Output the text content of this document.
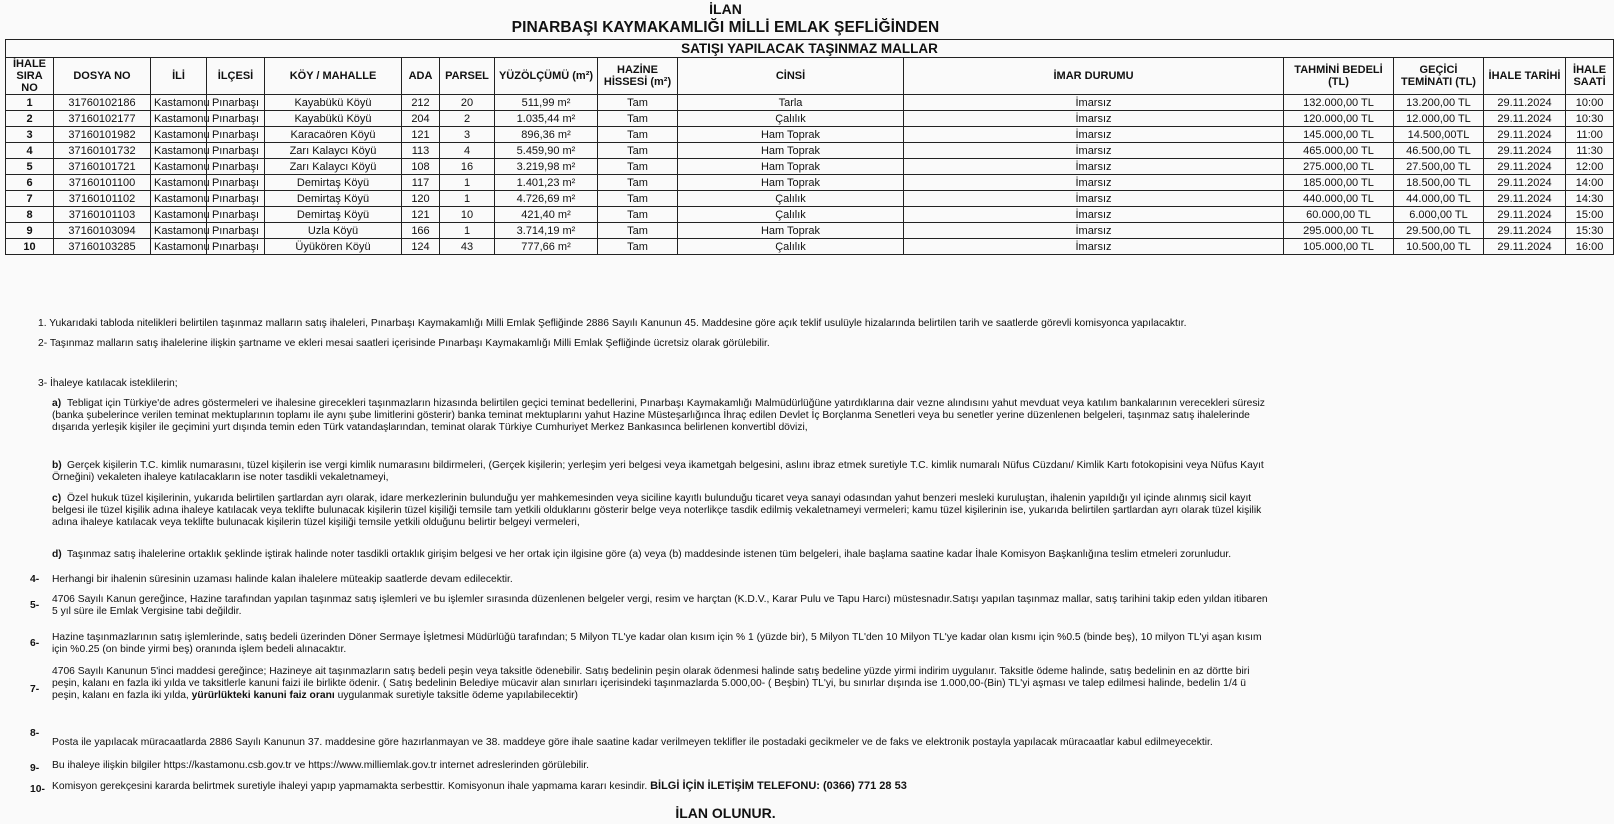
İLAN
PINARBAŞI KAYMAKAMLIĞI MİLLİ EMLAK ŞEFLİĞİNDEN
SATIŞI YAPILACAK TAŞINMAZ MALLAR														
İHALE SIRA NO	DOSYA NO	İLİ	İLÇESİ	KÖY / MAHALLE	ADA	PARSEL	YÜZÖLÇÜMÜ (m²)	HAZİNE HİSSESİ (m²)	CİNSİ	İMAR DURUMU	TAHMİNİ BEDELİ (TL)	GEÇİCİ TEMİNATI (TL)	İHALE TARİHİ	İHALE SAATİ
1	31760102186	Kastamonu	Pınarbaşı	Kayabükü Köyü	212	20	511,99 m²	Tam	Tarla	İmarsız	132.000,00 TL	13.200,00 TL	29.11.2024	10:00
2	37160102177	Kastamonu	Pınarbaşı	Kayabükü Köyü	204	2	1.035,44 m²	Tam	Çalılık	İmarsız	120.000,00 TL	12.000,00 TL	29.11.2024	10:30
3	37160101982	Kastamonu	Pınarbaşı	Karacaören Köyü	121	3	896,36 m²	Tam	Ham Toprak	İmarsız	145.000,00 TL	14.500,00TL	29.11.2024	11:00
4	37160101732	Kastamonu	Pınarbaşı	Zarı Kalaycı Köyü	113	4	5.459,90 m²	Tam	Ham Toprak	İmarsız	465.000,00 TL	46.500,00 TL	29.11.2024	11:30
5	37160101721	Kastamonu	Pınarbaşı	Zarı Kalaycı Köyü	108	16	3.219,98 m²	Tam	Ham Toprak	İmarsız	275.000,00 TL	27.500,00 TL	29.11.2024	12:00
6	37160101100	Kastamonu	Pınarbaşı	Demirtaş Köyü	117	1	1.401,23 m²	Tam	Ham Toprak	İmarsız	185.000,00 TL	18.500,00 TL	29.11.2024	14:00
7	37160101102	Kastamonu	Pınarbaşı	Demirtaş Köyü	120	1	4.726,69 m²	Tam	Çalılık	İmarsız	440.000,00 TL	44.000,00 TL	29.11.2024	14:30
8	37160101103	Kastamonu	Pınarbaşı	Demirtaş Köyü	121	10	421,40 m²	Tam	Çalılık	İmarsız	60.000,00 TL	6.000,00 TL	29.11.2024	15:00
9	37160103094	Kastamonu	Pınarbaşı	Uzla Köyü	166	1	3.714,19 m²	Tam	Ham Toprak	İmarsız	295.000,00 TL	29.500,00 TL	29.11.2024	15:30
10	37160103285	Kastamonu	Pınarbaşı	Üyükören Köyü	124	43	777,66 m²	Tam	Çalılık	İmarsız	105.000,00 TL	10.500,00 TL	29.11.2024	16:00
1. Yukarıdaki tabloda nitelikleri belirtilen taşınmaz malların satış ihaleleri, Pınarbaşı Kaymakamlığı Milli Emlak Şefliğinde 2886 Sayılı Kanunun 45. Maddesine göre açık teklif usulüyle hizalarında belirtilen tarih ve saatlerde görevli komisyonca yapılacaktır.
2- Taşınmaz malların satış ihalelerine ilişkin şartname ve ekleri mesai saatleri içerisinde Pınarbaşı Kaymakamlığı Milli Emlak Şefliğinde ücretsiz olarak görülebilir.
3- İhaleye katılacak isteklilerin;
a) Tebligat için Türkiye'de adres göstermeleri ve ihalesine girecekleri taşınmazların hizasında belirtilen geçici teminat bedellerini, Pınarbaşı Kaymakamlığı Malmüdürlüğüne yatırdıklarına dair vezne alındısını yahut mevduat veya katılım bankalarının verecekleri süresiz
(banka şubelerince verilen teminat mektuplarının toplamı ile aynı şube limitlerini gösterir) banka teminat mektuplarını yahut Hazine Müsteşarlığınca İhraç edilen Devlet İç Borçlanma Senetleri veya bu senetler yerine düzenlenen belgeleri, taşınmaz satış ihalelerinde
dışarıda yerleşik kişiler ile geçimini yurt dışında temin eden Türk vatandaşlarından, teminat olarak Türkiye Cumhuriyet Merkez Bankasınca belirlenen konvertibl dövizi,
b) Gerçek kişilerin T.C. kimlik numarasını, tüzel kişilerin ise vergi kimlik numarasını bildirmeleri, (Gerçek kişilerin; yerleşim yeri belgesi veya ikametgah belgesini, aslını ibraz etmek suretiyle T.C. kimlik numaralı Nüfus Cüzdanı/ Kimlik Kartı fotokopisini veya Nüfus Kayıt
Örneğini) vekaleten ihaleye katılacakların ise noter tasdikli vekaletnameyi,
c) Özel hukuk tüzel kişilerinin, yukarıda belirtilen şartlardan ayrı olarak, idare merkezlerinin bulunduğu yer mahkemesinden veya siciline kayıtlı bulunduğu ticaret veya sanayi odasından yahut benzeri mesleki kuruluştan, ihalenin yapıldığı yıl içinde alınmış sicil kayıt
belgesi ile tüzel kişilik adına ihaleye katılacak veya teklifte bulunacak kişilerin tüzel kişiliği temsile tam yetkili olduklarını gösterir belge veya noterlikçe tasdik edilmiş vekaletnameyi vermeleri; kamu tüzel kişilerinin ise, yukarıda belirtilen şartlardan ayrı olarak tüzel kişilik
adına ihaleye katılacak veya teklifte bulunacak kişilerin tüzel kişiliği temsile yetkili olduğunu belirtir belgeyi vermeleri,
d) Taşınmaz satış ihalelerine ortaklık şeklinde iştirak halinde noter tasdikli ortaklık girişim belgesi ve her ortak için ilgisine göre (a) veya (b) maddesinde istenen tüm belgeleri, ihale başlama saatine kadar İhale Komisyon Başkanlığına teslim etmeleri zorunludur.
4- Herhangi bir ihalenin süresinin uzaması halinde kalan ihalelere müteakip saatlerde devam edilecektir.
5-
4706 Sayılı Kanun gereğince, Hazine tarafından yapılan taşınmaz satış işlemleri ve bu işlemler sırasında düzenlenen belgeler vergi, resim ve harçtan (K.D.V., Karar Pulu ve Tapu Harcı) müstesnadır.Satışı yapılan taşınmaz mallar, satış tarihini takip eden yıldan itibaren
5 yıl süre ile Emlak Vergisine tabi değildir.
6-
Hazine taşınmazlarının satış işlemlerinde, satış bedeli üzerinden Döner Sermaye İşletmesi Müdürlüğü tarafından; 5 Milyon TL'ye kadar olan kısım için % 1 (yüzde bir), 5 Milyon TL'den 10 Milyon TL'ye kadar olan kısmı için %0.5 (binde beş), 10 milyon TL'yi aşan kısım
için %0.25 (on binde yirmi beş) oranında işlem bedeli alınacaktır.
7-
4706 Sayılı Kanunun 5'inci maddesi gereğince; Hazineye ait taşınmazların satış bedeli peşin veya taksitle ödenebilir. Satış bedelinin peşin olarak ödenmesi halinde satış bedeline yüzde yirmi indirim uygulanır. Taksitle ödeme halinde, satış bedelinin en az dörtte biri
peşin, kalanı en fazla iki yılda ve taksitlerle kanuni faizi ile birlikte ödenir. ( Satış bedelinin Belediye mücavir alan sınırları içerisindeki taşınmazlarda 5.000,00- ( Beşbin) TL'yi, bu sınırlar dışında ise 1.000,00-(Bin) TL'yi aşması ve talep edilmesi halinde, bedelin 1/4 ü
peşin, kalanı en fazla iki yılda, yürürlükteki kanuni faiz oranı uygulanmak suretiyle taksitle ödeme yapılabilecektir)
8-
Posta ile yapılacak müracaatlarda 2886 Sayılı Kanunun 37. maddesine göre hazırlanmayan ve 38. maddeye göre ihale saatine kadar verilmeyen teklifler ile postadaki gecikmeler ve de faks ve elektronik postayla yapılacak müracaatlar kabul edilmeyecektir.
9- Bu ihaleye ilişkin bilgiler https://kastamonu.csb.gov.tr ve https://www.milliemlak.gov.tr internet adreslerinden görülebilir.
10- Komisyon gerekçesini kararda belirtmek suretiyle ihaleyi yapıp yapmamakta serbesttir. Komisyonun ihale yapmama kararı kesindir. BİLGİ İÇİN İLETİŞİM TELEFONU: (0366) 771 28 53
İLAN OLUNUR.
